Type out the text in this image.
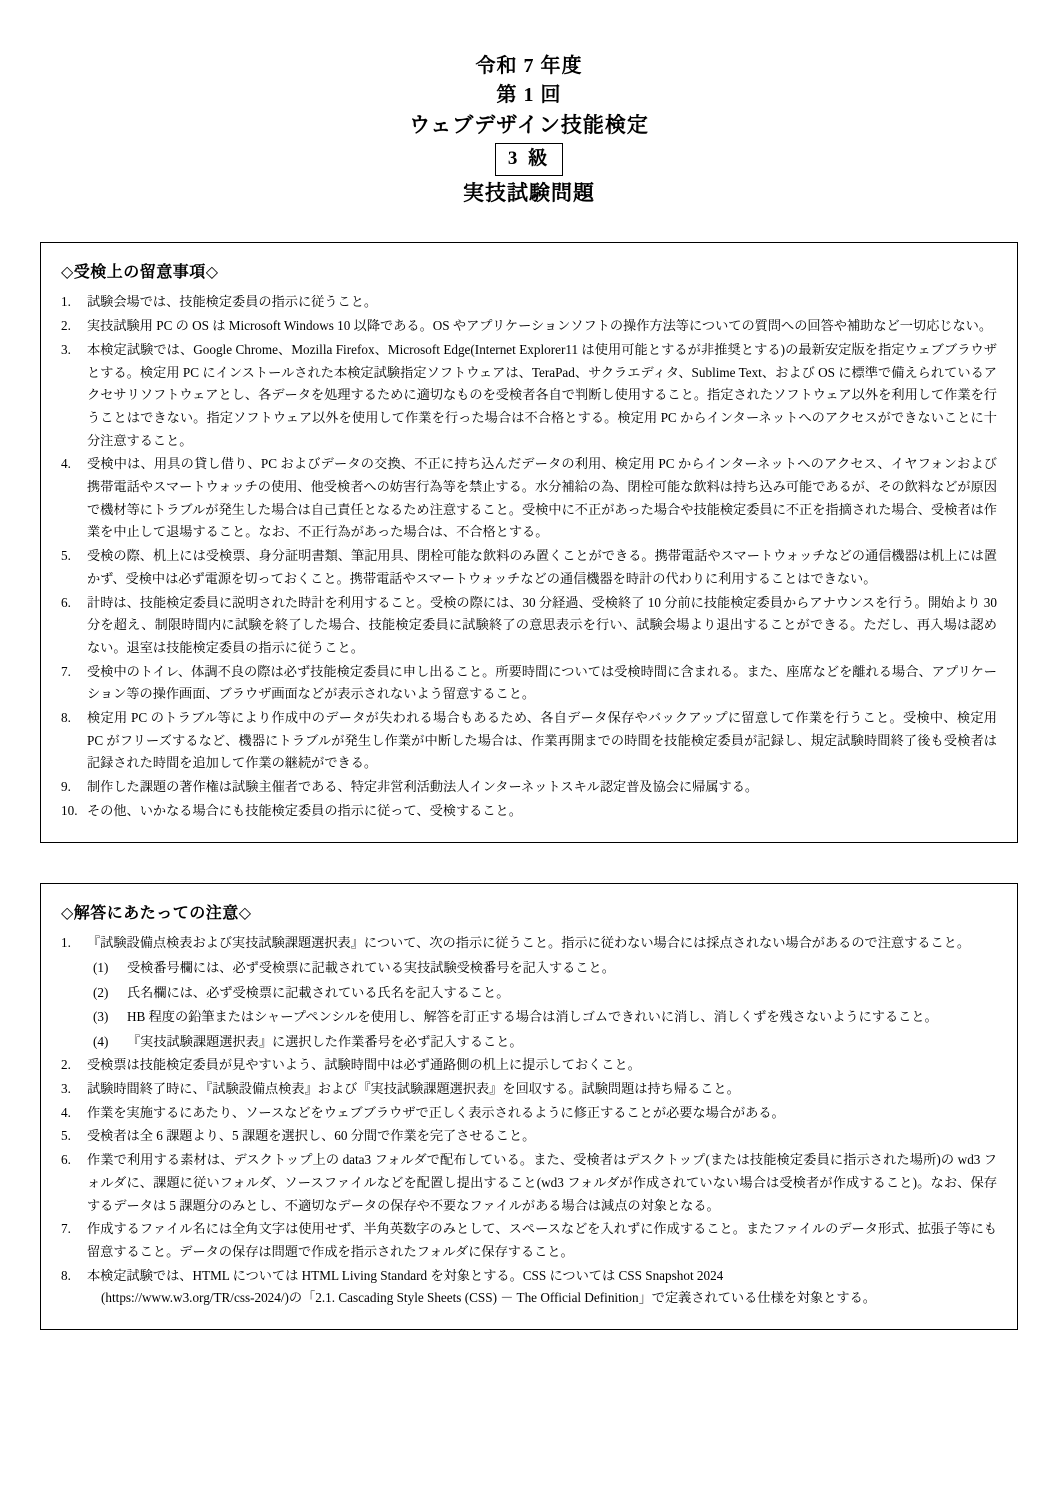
令和 7 年度
第 1 回
ウェブデザイン技能検定
3 級
実技試験問題
◇受検上の留意事項◇
1.	試験会場では、技能検定委員の指示に従うこと。
2.	実技試験用 PC の OS は Microsoft Windows 10 以降である。OS やアプリケーションソフトの操作方法等についての質問への回答や補助など一切応じない。
3.	本検定試験では、Google Chrome、Mozilla Firefox、Microsoft Edge(Internet Explorer11 は使用可能とするが非推奨とする)の最新安定版を指定ウェブブラウザとする。検定用 PC にインストールされた本検定試験指定ソフトウェアは、TeraPad、サクラエディタ、Sublime Text、および OS に標準で備えられているアクセサリソフトウェアとし、各データを処理するために適切なものを受検者各自で判断し使用すること。指定されたソフトウェア以外を利用して作業を行うことはできない。指定ソフトウェア以外を使用して作業を行った場合は不合格とする。検定用 PC からインターネットへのアクセスができないことに十分注意すること。
4.	受検中は、用具の貸し借り、PC およびデータの交換、不正に持ち込んだデータの利用、検定用 PC からインターネットへのアクセス、イヤフォンおよび携帯電話やスマートウォッチの使用、他受検者への妨害行為等を禁止する。水分補給の為、閉栓可能な飲料は持ち込み可能であるが、その飲料などが原因で機材等にトラブルが発生した場合は自己責任となるため注意すること。受検中に不正があった場合や技能検定委員に不正を指摘された場合、受検者は作業を中止して退場すること。なお、不正行為があった場合は、不合格とする。
5.	受検の際、机上には受検票、身分証明書類、筆記用具、閉栓可能な飲料のみ置くことができる。携帯電話やスマートウォッチなどの通信機器は机上には置かず、受検中は必ず電源を切っておくこと。携帯電話やスマートウォッチなどの通信機器を時計の代わりに利用することはできない。
6.	計時は、技能検定委員に説明された時計を利用すること。受検の際には、30 分経過、受検終了 10 分前に技能検定委員からアナウンスを行う。開始より 30 分を超え、制限時間内に試験を終了した場合、技能検定委員に試験終了の意思表示を行い、試験会場より退出することができる。ただし、再入場は認めない。退室は技能検定委員の指示に従うこと。
7.	受検中のトイレ、体調不良の際は必ず技能検定委員に申し出ること。所要時間については受検時間に含まれる。また、座席などを離れる場合、アプリケーション等の操作画面、ブラウザ画面などが表示されないよう留意すること。
8.	検定用 PC のトラブル等により作成中のデータが失われる場合もあるため、各自データ保存やバックアップに留意して作業を行うこと。受検中、検定用 PC がフリーズするなど、機器にトラブルが発生し作業が中断した場合は、作業再開までの時間を技能検定委員が記録し、規定試験時間終了後も受検者は記録された時間を追加して作業の継続ができる。
9.	制作した課題の著作権は試験主催者である、特定非営利活動法人インターネットスキル認定普及協会に帰属する。
10. その他、いかなる場合にも技能検定委員の指示に従って、受検すること。
◇解答にあたっての注意◇
1.	『試験設備点検表および実技試験課題選択表』について、次の指示に従うこと。指示に従わない場合には採点されない場合があるので注意すること。
(1)	受検番号欄には、必ず受検票に記載されている実技試験受検番号を記入すること。
(2)	氏名欄には、必ず受検票に記載されている氏名を記入すること。
(3)	HB 程度の鉛筆またはシャープペンシルを使用し、解答を訂正する場合は消しゴムできれいに消し、消しくずを残さないようにすること。
(4)	『実技試験課題選択表』に選択した作業番号を必ず記入すること。
2.	受検票は技能検定委員が見やすいよう、試験時間中は必ず通路側の机上に提示しておくこと。
3.	試験時間終了時に、『試験設備点検表』および『実技試験課題選択表』を回収する。試験問題は持ち帰ること。
4.	作業を実施するにあたり、ソースなどをウェブブラウザで正しく表示されるように修正することが必要な場合がある。
5.	受検者は全 6 課題より、5 課題を選択し、60 分間で作業を完了させること。
6.	作業で利用する素材は、デスクトップ上の data3 フォルダで配布している。また、受検者はデスクトップ(または技能検定委員に指示された場所)の wd3 フォルダに、課題に従いフォルダ、ソースファイルなどを配置し提出すること(wd3 フォルダが作成されていない場合は受検者が作成すること)。なお、保存するデータは 5 課題分のみとし、不適切なデータの保存や不要なファイルがある場合は減点の対象となる。
7.	作成するファイル名には全角文字は使用せず、半角英数字のみとして、スペースなどを入れずに作成すること。またファイルのデータ形式、拡張子等にも留意すること。データの保存は問題で作成を指示されたフォルダに保存すること。
8.	本検定試験では、HTML については HTML Living Standard を対象とする。CSS については CSS Snapshot 2024
(https://www.w3.org/TR/css-2024/)の「2.1. Cascading Style Sheets (CSS) － The Official Definition」で定義されている仕様を対象とする。
